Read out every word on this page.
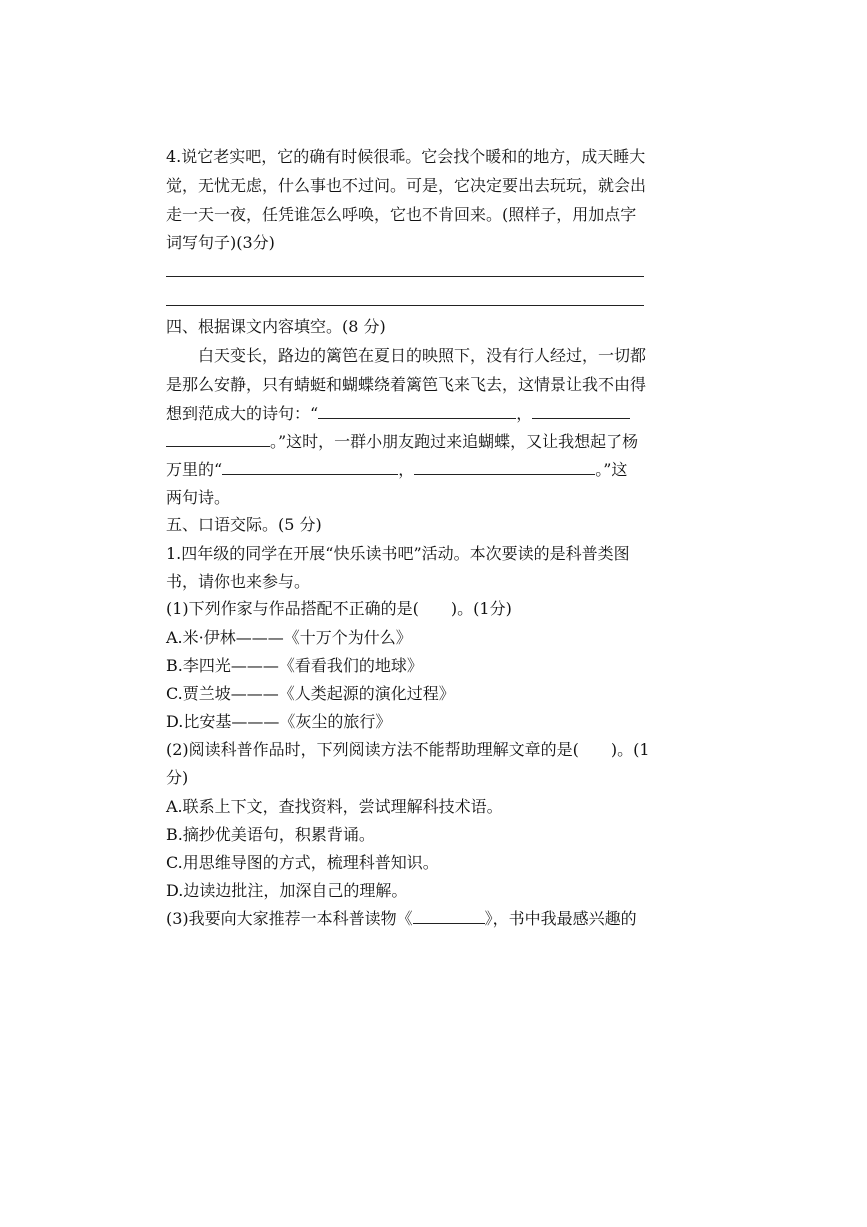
4.说它老实吧，它的确有时候很乖。它会找个暖和的地方，成天睡大
觉，无忧无虑，什么事也不过问。可是，它决定要出去玩玩，就会出
走一天一夜，任凭谁怎么呼唤，它也不肯回来。(照样子，用加点字
词写句子)(3分)
四、根据课文内容填空。(8 分)
白天变长，路边的篱笆在夏日的映照下，没有行人经过，一切都
是那么安静，只有蜻蜓和蝴蝶绕着篱笆飞来飞去，这情景让我不由得
想到范成大的诗句：“	，
。”这时，一群小朋友跑过来追蝴蝶，又让我想起了杨
万里的“	，	。”这
两句诗。
五、口语交际。(5 分)
1.四年级的同学在开展“快乐读书吧”活动。本次要读的是科普类图
书，请你也来参与。
(1)下列作家与作品搭配不正确的是(　　)。(1分)
A.米·伊林———《十万个为什么》
B.李四光———《看看我们的地球》
C.贾兰坡———《人类起源的演化过程》
D.比安基———《灰尘的旅行》
(2)阅读科普作品时，下列阅读方法不能帮助理解文章的是(　　)。(1
分)
A.联系上下文，查找资料，尝试理解科技术语。
B.摘抄优美语句，积累背诵。
C.用思维导图的方式，梳理科普知识。
D.边读边批注，加深自己的理解。
(3)我要向大家推荐一本科普读物《	》，书中我最感兴趣的
